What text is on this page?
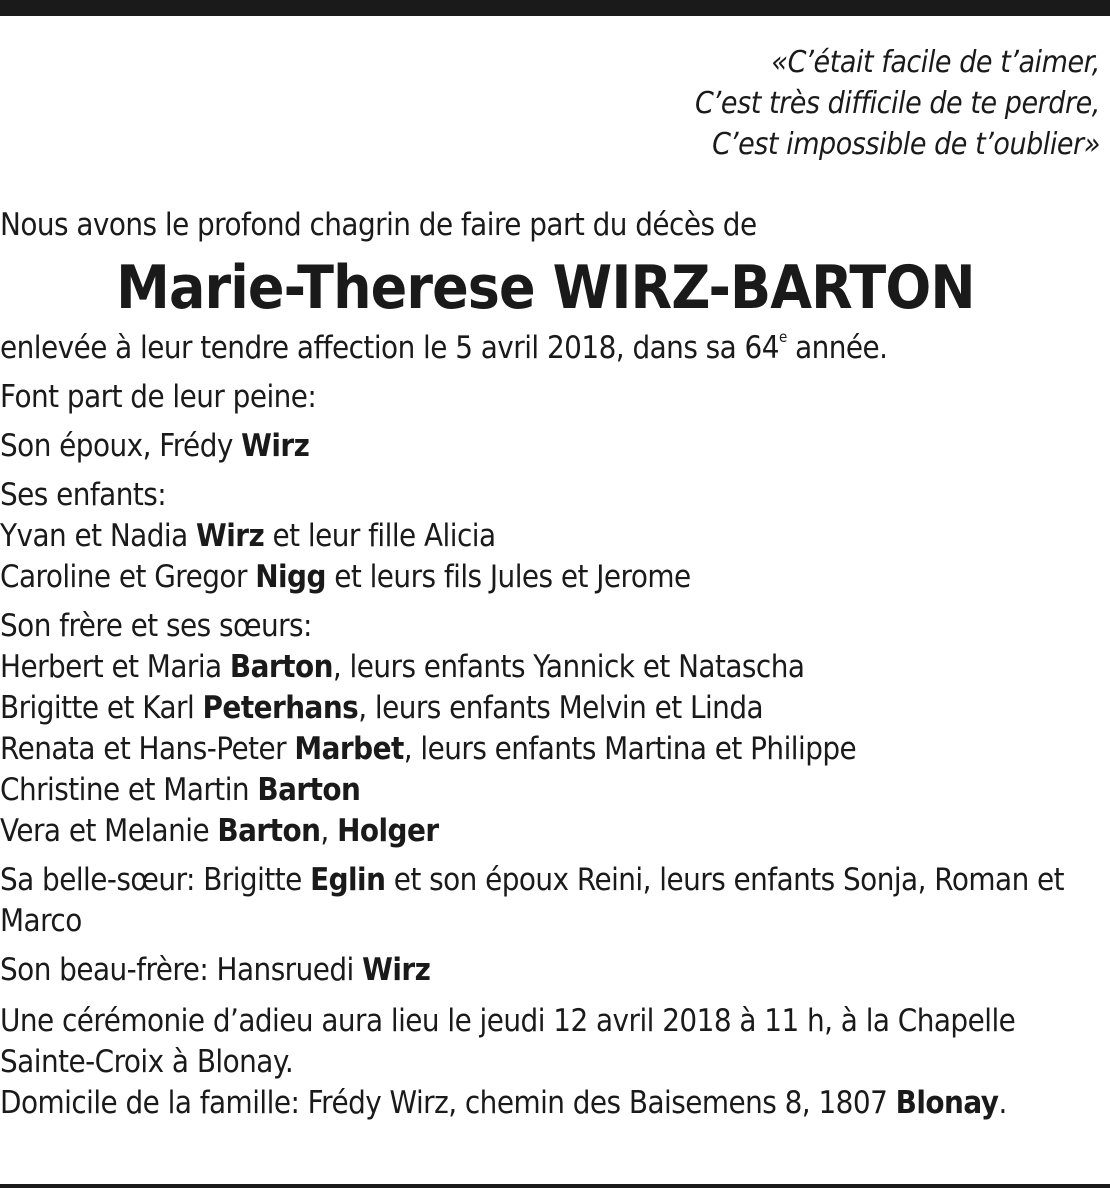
«C’était facile de t’aimer,
C’est très difficile de te perdre,
C’est impossible de t’oublier»

Nous avons le profond chagrin de faire part du décès de

Marie-Therese WIRZ-BARTON

enlevée à leur tendre affection le 5 avril 2018, dans sa 64e année.

Font part de leur peine:

Son époux, Frédy Wirz

Ses enfants:

Yvan et Nadia Wirz et leur fille Alicia

Caroline et Gregor Nigg et leurs fils Jules et Jerome

Son frère et ses sœurs:

Herbert et Maria Barton, leurs enfants Yannick et Natascha

Brigitte et Karl Peterhans, leurs enfants Melvin et Linda

Renata et Hans-Peter Marbet, leurs enfants Martina et Philippe

Christine et Martin Barton

Vera et Melanie Barton, Holger

Sa belle-sœur: Brigitte Eglin et son époux Reini, leurs enfants Sonja, Roman et Marco

Son beau-frère: Hansruedi Wirz

Une cérémonie d’adieu aura lieu le jeudi 12 avril 2018 à 11 h, à la Chapelle Sainte-Croix à Blonay.

Domicile de la famille: Frédy Wirz, chemin des Baisemens 8, 1807 Blonay.
